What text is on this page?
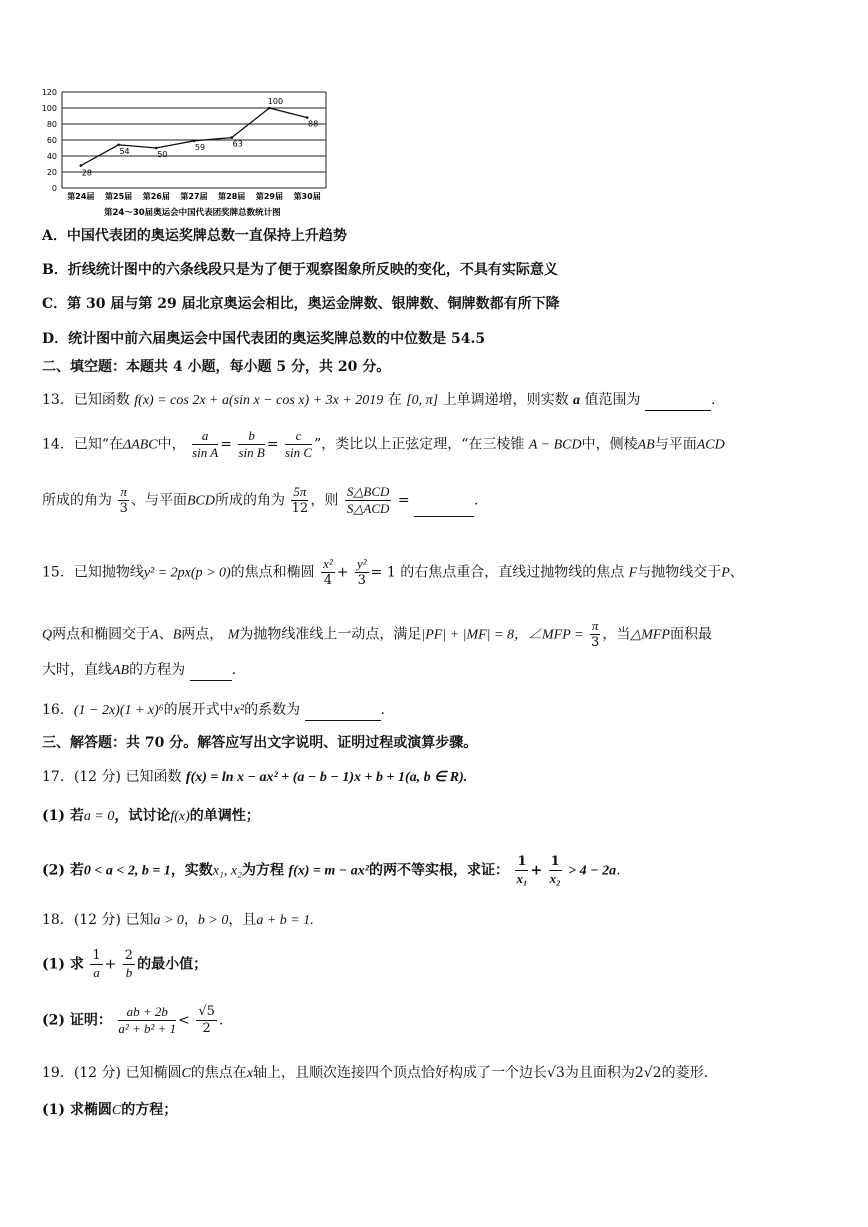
0
20
40
60
80
100
120
第24届 第25届 第26届 第27届 第28届 第29届 第30届
28
54	50
59	63
100
88
第24～30届奥运会中国代表团奖牌总数统计图
A．中国代表团的奥运奖牌总数一直保持上升趋势
B．折线统计图中的六条线段只是为了便于观察图象所反映的变化，不具有实际意义
C．第 30 届与第 29 届北京奥运会相比，奥运金牌数、银牌数、铜牌数都有所下降
D．统计图中前六届奥运会中国代表团的奥运奖牌总数的中位数是 54.5
二、填空题：本题共 4 小题，每小题 5 分，共 20 分。
13．已知函数 f(x) = cos 2x + a(sin x − cos x) + 3x + 2019 在 [0, π] 上单调递增，则实数 a 值范围为	.
14．已知“在ΔABC中， $\frac{a}{\text{sin A}} = \frac{b}{\text{sin B}} = \frac{c}{\text{sin C}}$ ”，类比以上正弦定理，“在三棱锥 A − BCD中，侧棱AB与平面ACD
所成的角为 $\frac{\pi}{3}$ 、与平面BCD所成的角为 $\frac{5\pi}{12}$ ，则 $\frac{\text{S△BCD}}{\text{S△ACD}}$ =	.
15．已知抛物线y² = 2px(p > 0)的焦点和椭圆 $\frac{\text{x²}}{4} + \frac{\text{y²}}{3} = 1$ 的右焦点重合，直线过抛物线的焦点 F与抛物线交于P、
Q两点和椭圆交于A、B两点， M为抛物线准线上一动点，满足|PF| + |MF| = 8，∠MFP = $\frac{\pi}{3}$ ，当△MFP面积最
大时，直线AB的方程为	.
16．(1 − 2x)(1 + x)⁶的展开式中x²的系数为	.
三、解答题：共 70 分。解答应写出文字说明、证明过程或演算步骤。
17．(12 分) 已知函数 f(x) = ln x − ax² + (a − b − 1)x + b + 1(a, b ∈ R).
(1) 若a = 0，试讨论f(x)的单调性；
(2) 若0 < a < 2, b = 1，实数x₁, x₂为方程 f(x) = m − ax²的两不等实根，求证： $\frac{1}{\text{x₁}} + \frac{1}{\text{x₂}} > 4 - 2a$.
18．(12 分) 已知a > 0，b > 0，且a + b = 1.
(1) 求 $\frac{1}{a} + \frac{2}{b}$ 的最小值；
(2) 证明： $\frac{ab + 2b}{\text{a² + b² + 1}} < \frac{√5}{2}$ .
19．(12 分) 已知椭圆C的焦点在x轴上，且顺次连接四个顶点恰好构成了一个边长√3为且面积为2√2的菱形.
(1) 求椭圆C的方程；
